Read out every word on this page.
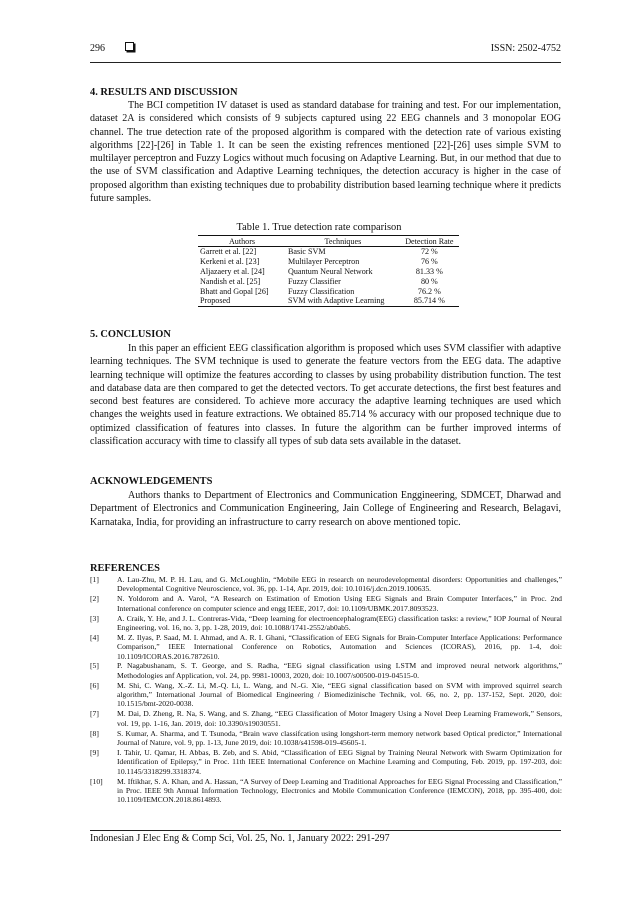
296	ISSN: 2502-4752
4. RESULTS AND DISCUSSION

The BCI competition IV dataset is used as standard database for training and test. For our implementation, dataset 2A is considered which consists of 9 subjects captured using 22 EEG channels and 3 monopolar EOG channel. The true detection rate of the proposed algorithm is compared with the detection rate of various existing algorithms [22]-[26] in Table 1. It can be seen the existing refrences mentioned [22]-[26] uses simple SVM to multilayer perceptron and Fuzzy Logics without much focusing on Adaptive Learning. But, in our method that due to the use of SVM classification and Adaptive Learning techniques, the detection accuracy is higher in the case of proposed algorithm than existing techniques due to probability distribution based learning technique where it predicts future samples.

Table 1. True detection rate comparison
Authors	Techniques	Detection Rate
Garrett et al. [22]	Basic SVM	72 %
Kerkeni et al. [23]	Multilayer Perceptron	76 %
Aljazaery et al. [24]	Quantum Neural Network	81.33 %
Nandish et al. [25]	Fuzzy Classifier	80 %
Bhatt and Gopal [26]	Fuzzy Classification	76.2 %
Proposed	SVM with Adaptive Learning	85.714 %
5. CONCLUSION

In this paper an efficient EEG classification algorithm is proposed which uses SVM classifier with adaptive learning techniques. The SVM technique is used to generate the feature vectors from the EEG data. The adaptive learning technique will optimize the features according to classes by using probability distribution function. The test and database data are then compared to get the detected vectors. To get accurate detections, the first best features and second best features are considered. To achieve more accuracy the adaptive learning techniques are used which changes the weights used in feature extractions. We obtained 85.714 % accuracy with our proposed technique due to optimized classification of features into classes. In future the algorithm can be further improved interms of classification accuracy with time to classify all types of sub data sets available in the dataset.

ACKNOWLEDGEMENTS

Authors thanks to Department of Electronics and Communication Enggineering, SDMCET, Dharwad and Department of Electronics and Communication Engineering, Jain College of Engineering and Research, Belagavi, Karnataka, India, for providing an infrastructure to carry research on above mentioned topic.

REFERENCES
[1] A. Lau-Zhu, M. P. H. Lau, and G. McLoughlin, “Mobile EEG in research on neurodevelopmental disorders: Opportunities and challenges,” Developmental Cognitive Neuroscience, vol. 36, pp. 1-14, Apr. 2019, doi: 10.1016/j.dcn.2019.100635.
[2] N. Yoldorom and A. Varol, “A Research on Estimation of Emotion Using EEG Signals and Brain Computer Interfaces,” in Proc. 2nd International conference on computer science and engg IEEE, 2017, doi: 10.1109/UBMK.2017.8093523.
[3] A. Craik, Y. He, and J. L. Contreras-Vida, “Deep learning for electroencephalogram(EEG) classification tasks: a review,” IOP Journal of Neural Engineering, vol. 16, no. 3, pp. 1-28, 2019, doi: 10.1088/1741-2552/ab0ab5.
[4] M. Z. Ilyas, P. Saad, M. I. Ahmad, and A. R. I. Ghani, “Classification of EEG Signals for Brain-Computer Interface Applications: Performance Comparison,” IEEE International Conference on Robotics, Automation and Sciences (ICORAS), 2016, pp. 1-4, doi: 10.1109/ICORAS.2016.7872610.
[5] P. Nagabushanam, S. T. George, and S. Radha, “EEG signal classification using LSTM and improved neural network algorithms,” Methodologies anf Application, vol. 24, pp. 9981-10003, 2020, doi: 10.1007/s00500-019-04515-0.
[6] M. Shi, C. Wang, X.-Z. Li, M.-Q. Li, L. Wang, and N.-G. Xie, “EEG signal classification based on SVM with improved squirrel search algorithm,” International Journal of Biomedical Engineering / Biomedizinische Technik, vol. 66, no. 2, pp. 137-152, Sept. 2020, doi: 10.1515/bmt-2020-0038.
[7] M. Dai, D. Zheng, R. Na, S. Wang, and S. Zhang, “EEG Classification of Motor Imagery Using a Novel Deep Learning Framework,” Sensors, vol. 19, pp. 1-16, Jan. 2019, doi: 10.3390/s19030551.
[8] S. Kumar, A. Sharma, and T. Tsunoda, “Brain wave classifcation using longshort-term memory network based Optical predictor,” International Journal of Nature, vol. 9, pp. 1-13, June 2019, doi: 10.1038/s41598-019-45605-1.
[9] I. Tahir, U. Qamar, H. Abbas, B. Zeb, and S. Abid, “Classification of EEG Signal by Training Neural Network with Swarm Optimization for Identification of Epilepsy,” in Proc. 11th IEEE International Conference on Machine Learning and Computing, Feb. 2019, pp. 197-203, doi: 10.1145/3318299.3318374.
[10] M. Iftikhar, S. A. Khan, and A. Hassan, “A Survey of Deep Learning and Traditional Approaches for EEG Signal Processing and Classification,” in Proc. IEEE 9th Annual Information Technology, Electronics and Mobile Communication Conference (IEMCON), 2018, pp. 395-400, doi: 10.1109/IEMCON.2018.8614893.
Indonesian J Elec Eng & Comp Sci, Vol. 25, No. 1, January 2022: 291-297
